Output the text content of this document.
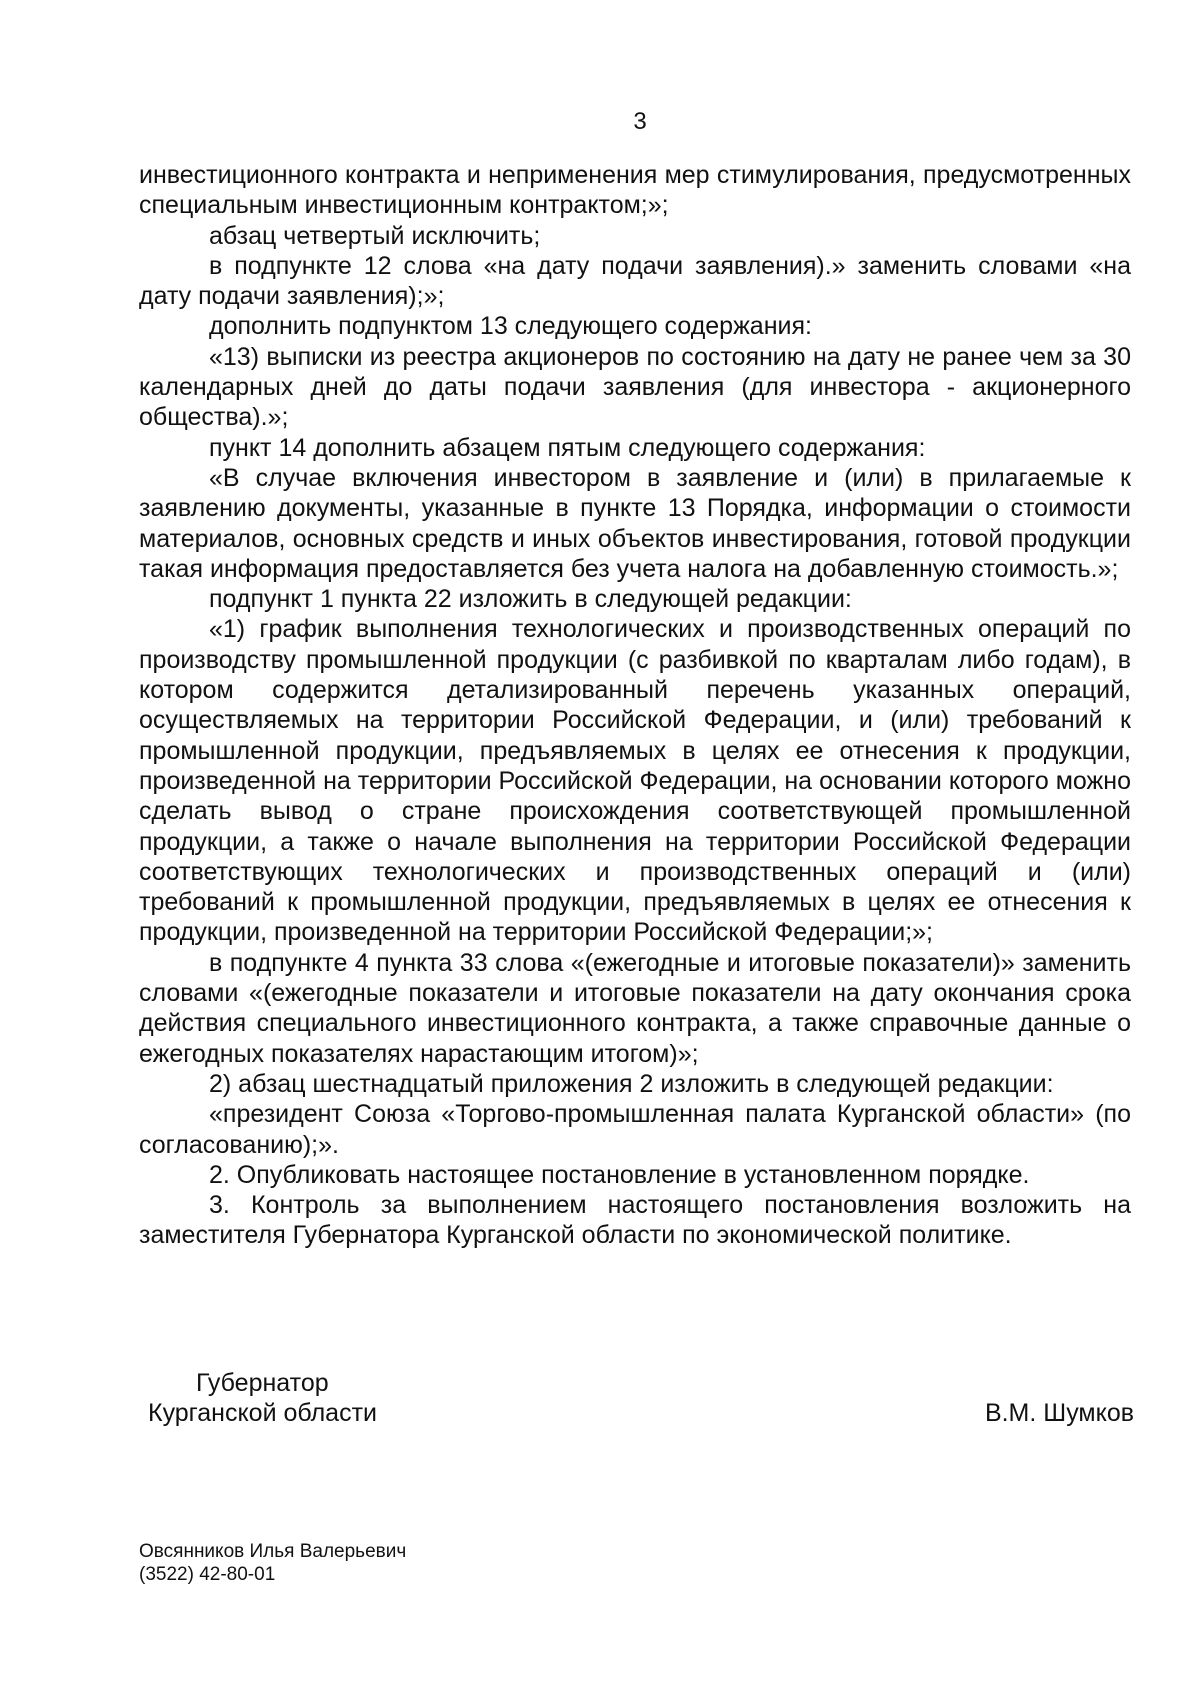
3

инвестиционного контракта и неприменения мер стимулирования, предусмотренных специальным инвестиционным контрактом;»;

абзац четвертый исключить;

в подпункте 12 слова «на дату подачи заявления).» заменить словами «на дату подачи заявления);»;

дополнить подпунктом 13 следующего содержания:

«13) выписки из реестра акционеров по состоянию на дату не ранее чем за 30 календарных дней до даты подачи заявления (для инвестора - акционерного общества).»;

пункт 14 дополнить абзацем пятым следующего содержания:

«В случае включения инвестором в заявление и (или) в прилагаемые к заявлению документы, указанные в пункте 13 Порядка, информации о стоимости материалов, основных средств и иных объектов инвестирования, готовой продукции такая информация предоставляется без учета налога на добавленную стоимость.»;

подпункт 1 пункта 22 изложить в следующей редакции:

«1) график выполнения технологических и производственных операций по производству промышленной продукции (с разбивкой по кварталам либо годам), в котором содержится детализированный перечень указанных операций, осуществляемых на территории Российской Федерации, и (или) требований к промышленной продукции, предъявляемых в целях ее отнесения к продукции, произведенной на территории Российской Федерации, на основании которого можно сделать вывод о стране происхождения соответствующей промышленной продукции, а также о начале выполнения на территории Российской Федерации соответствующих технологических и производственных операций и (или) требований к промышленной продукции, предъявляемых в целях ее отнесения к продукции, произведенной на территории Российской Федерации;»;

в подпункте 4 пункта 33 слова «(ежегодные и итоговые показатели)» заменить словами «(ежегодные показатели и итоговые показатели на дату окончания срока действия специального инвестиционного контракта, а также справочные данные о ежегодных показателях нарастающим итогом)»;

2) абзац шестнадцатый приложения 2 изложить в следующей редакции:

«президент Союза «Торгово-промышленная палата Курганской области» (по согласованию);».

2. Опубликовать настоящее постановление в установленном порядке.

3. Контроль за выполнением настоящего постановления возложить на заместителя Губернатора Курганской области по экономической политике.

Губернатор
Курганской области	В.М. Шумков
Овсянников Илья Валерьевич
(3522) 42-80-01
